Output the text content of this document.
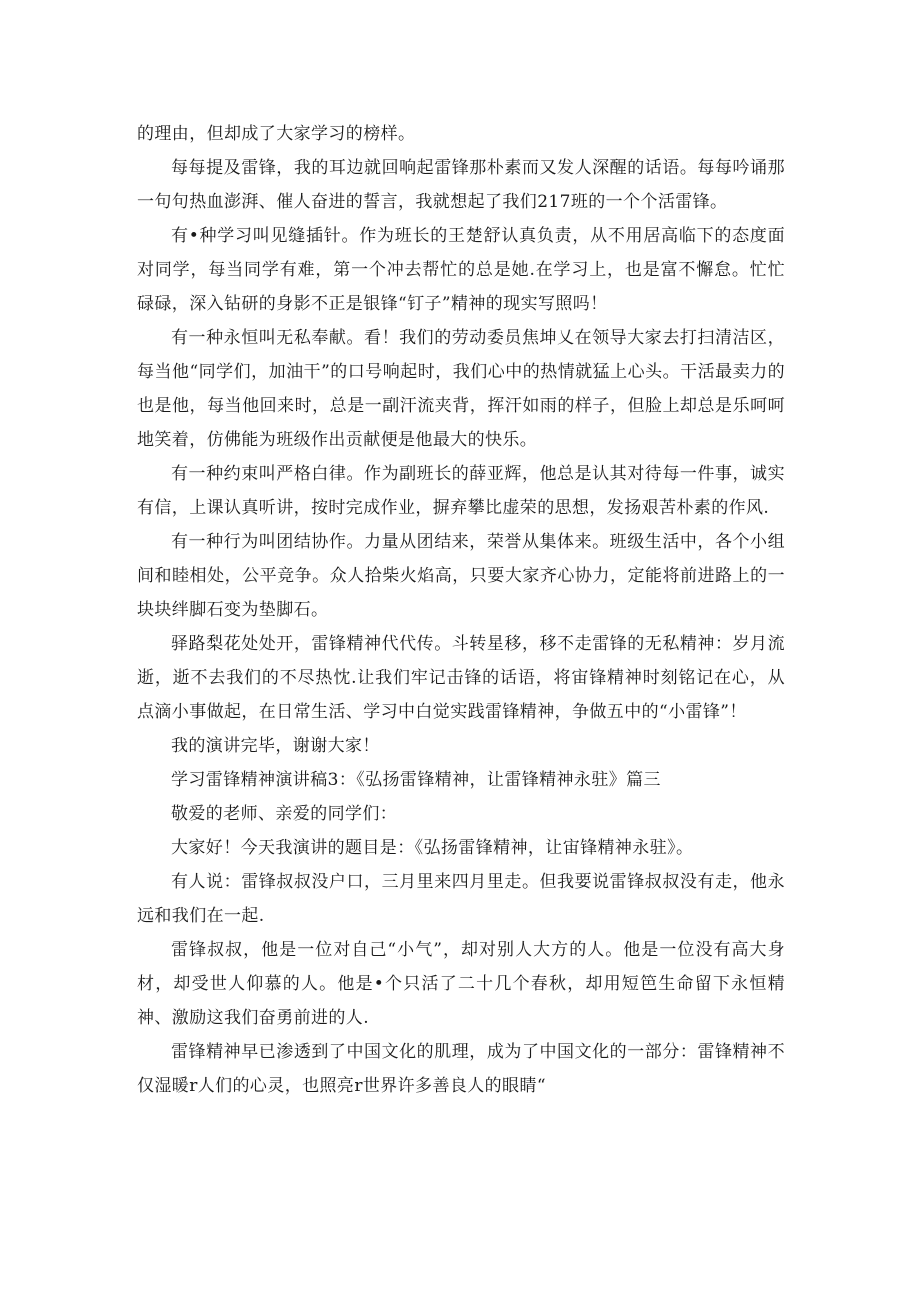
的理由，但却成了大家学习的榜样。

每每提及雷锋，我的耳边就回响起雷锋那朴素而又发人深醒的话语。每每吟诵那一句句热血澎湃、催人奋进的誓言，我就想起了我们217班的一个个活雷锋。

有•种学习叫见缝插针。作为班长的王楚舒认真负责，从不用居高临下的态度面对同学，每当同学有难，第一个冲去帮忙的总是她.在学习上，也是富不懈怠。忙忙碌碌，深入钻研的身影不正是银锋“钉子”精神的现实写照吗！

有一种永恒叫无私奉献。看！我们的劳动委员焦坤乂在领导大家去打扫清洁区，每当他“同学们，加油干”的口号响起时，我们心中的热情就猛上心头。干活最卖力的也是他，每当他回来时，总是一副汗流夹背，挥汗如雨的样子，但脸上却总是乐呵呵地笑着，仿佛能为班级作出贡献便是他最大的快乐。

有一种约束叫严格白律。作为副班长的薛亚辉，他总是认其对待每一件事，诚实有信，上课认真听讲，按时完成作业，摒弃攀比虚荣的思想，发扬艰苦朴素的作风.

有一种行为叫团结协作。力量从团结来，荣誉从集体来。班级生活中，各个小组间和睦相处，公平竞争。众人拾柴火焰高，只要大家齐心协力，定能将前进路上的一块块绊脚石变为垫脚石。

驿路梨花处处开，雷锋精神代代传。斗转星移，移不走雷锋的无私精神：岁月流逝，逝不去我们的不尽热忱.让我们牢记击锋的话语，将宙锋精神时刻铭记在心，从点滴小事做起，在日常生活、学习中白觉实践雷锋精神，争做五中的“小雷锋”！

我的演讲完毕，谢谢大家！

学习雷锋精神演讲稿3：《弘扬雷锋精神，让雷锋精神永驻》篇三

敬爱的老师、亲爱的同学们：

大家好！今天我演讲的题目是：《弘扬雷锋精神，让宙锋精神永驻》。

有人说：雷锋叔叔没户口，三月里来四月里走。但我要说雷锋叔叔没有走，他永远和我们在一起.

雷锋叔叔，他是一位对自己“小气”，却对别人大方的人。他是一位没有高大身材，却受世人仰慕的人。他是•个只活了二十几个春秋，却用短笆生命留下永恒精神、激励这我们奋勇前进的人.

雷锋精神早已渗透到了中国文化的肌理，成为了中国文化的一部分：雷锋精神不仅湿暖r人们的心灵，也照亮r世界许多善良人的眼睛“
